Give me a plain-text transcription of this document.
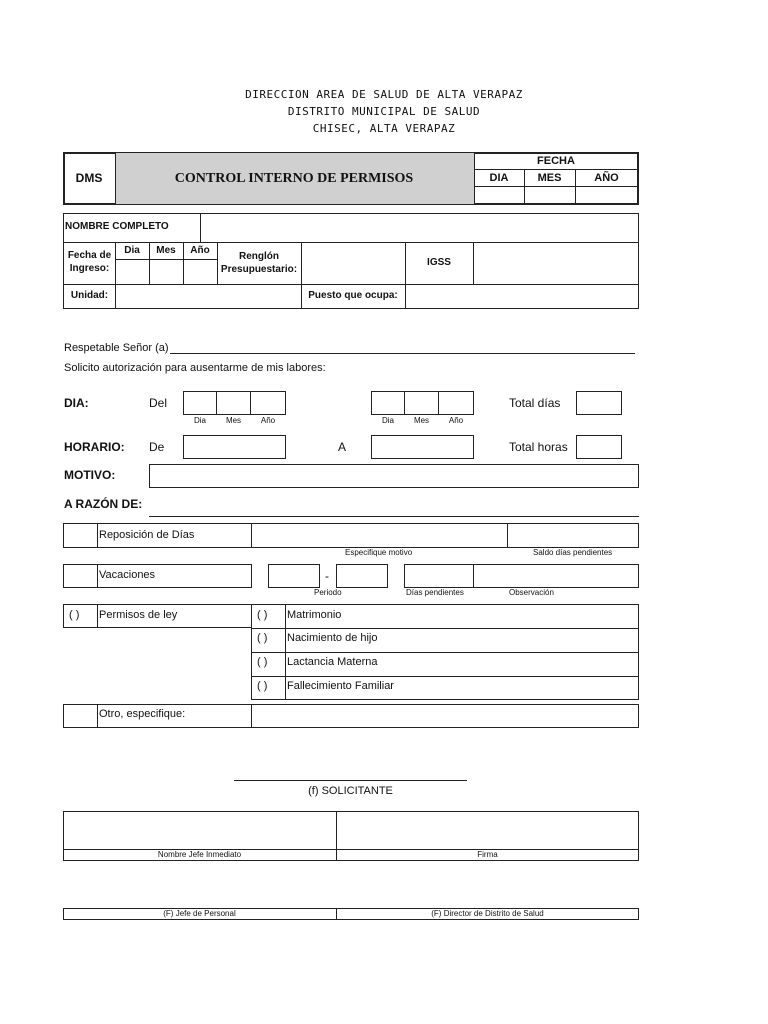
DIRECCION AREA DE SALUD DE ALTA VERAPAZ
DISTRITO MUNICIPAL DE SALUD
CHISEC, ALTA VERAPAZ
DMS	CONTROL INTERNO DE PERMISOS
FECHA
DIA	MES	AÑO
NOMBRE COMPLETO
Fecha de Ingreso:
Dia	Mes	Año
Renglón Presupuestario:
IGSS
Unidad:	Puesto que ocupa:
Respetable Señor (a)
Solicito autorización para ausentarme de mis labores:
DIA:	Del
Dia	Mes	Año	Dia	Mes	Año
Total días
HORARIO: De	A	Total horas
MOTIVO:
A RAZÓN DE:
Reposición de Días
Especifique motivo	Saldo días pendientes
Vacaciones	-
Periodo	Días pendientes	Observación
( ) Permisos de ley	( ) Matrimonio
( ) Nacimiento de hijo
( ) Lactancia Materna
( ) Fallecimiento Familiar
Otro, especifique:
(f) SOLICITANTE
Nombre Jefe Inmediato	Firma
(F) Jefe de Personal	(F) Director de Distrito de Salud
